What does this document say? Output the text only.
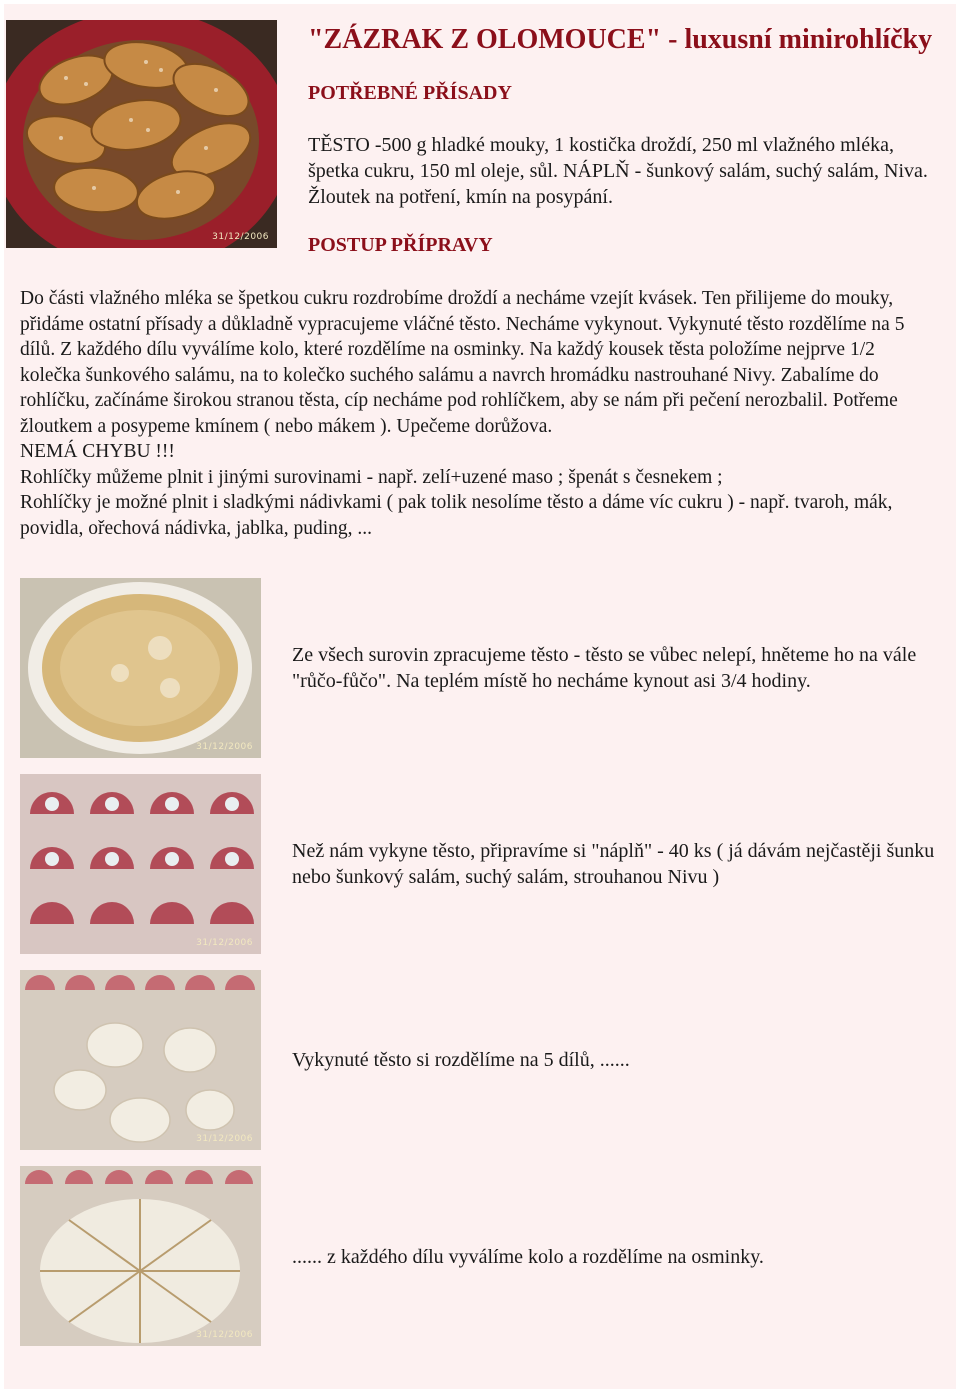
31/12/2006
"ZÁZRAK Z OLOMOUCE" - luxusní minirohlíčky
POTŘEBNÉ PŘÍSADY

TĚSTO -500 g hladké mouky, 1 kostička droždí, 250 ml vlažného mléka, špetka cukru, 150 ml oleje, sůl. NÁPLŇ - šunkový salám, suchý salám, Niva. Žloutek na potření, kmín na posypání.

POSTUP PŘÍPRAVY
Do části vlažného mléka se špetkou cukru rozdrobíme droždí a necháme vzejít kvásek. Ten přilijeme do mouky, přidáme ostatní přísady a důkladně vypracujeme vláčné těsto. Necháme vykynout. Vykynuté těsto rozdělíme na 5 dílů. Z každého dílu vyválíme kolo, které rozdělíme na osminky. Na každý kousek těsta položíme nejprve 1/2 kolečka šunkového salámu, na to kolečko suchého salámu a navrch hromádku nastrouhané Nivy. Zabalíme do rohlíčku, začínáme širokou stranou těsta, cíp necháme pod rohlíčkem, aby se nám při pečení nerozbalil. Potřeme žloutkem a posypeme kmínem ( nebo mákem ). Upečeme dorůžova.
NEMÁ CHYBU !!!
Rohlíčky můžeme plnit i jinými surovinami - např. zelí+uzené maso ; špenát s česnekem ;
Rohlíčky je možné plnit i sladkými nádivkami ( pak tolik nesolíme těsto a dáme víc cukru ) - např. tvaroh, mák, povidla, ořechová nádivka, jablka, puding, ...
31/12/2006

Ze všech surovin zpracujeme těsto - těsto se vůbec nelepí, hněteme ho na vále "růčo-fůčo". Na teplém místě ho necháme kynout asi 3/4 hodiny.

31/12/2006

Než nám vykyne těsto, připravíme si "náplň" - 40 ks ( já dávám nejčastěji šunku nebo šunkový salám, suchý salám, strouhanou Nivu )

31/12/2006

Vykynuté těsto si rozdělíme na 5 dílů, ......

31/12/2006

...... z každého dílu vyválíme kolo a rozdělíme na osminky.
